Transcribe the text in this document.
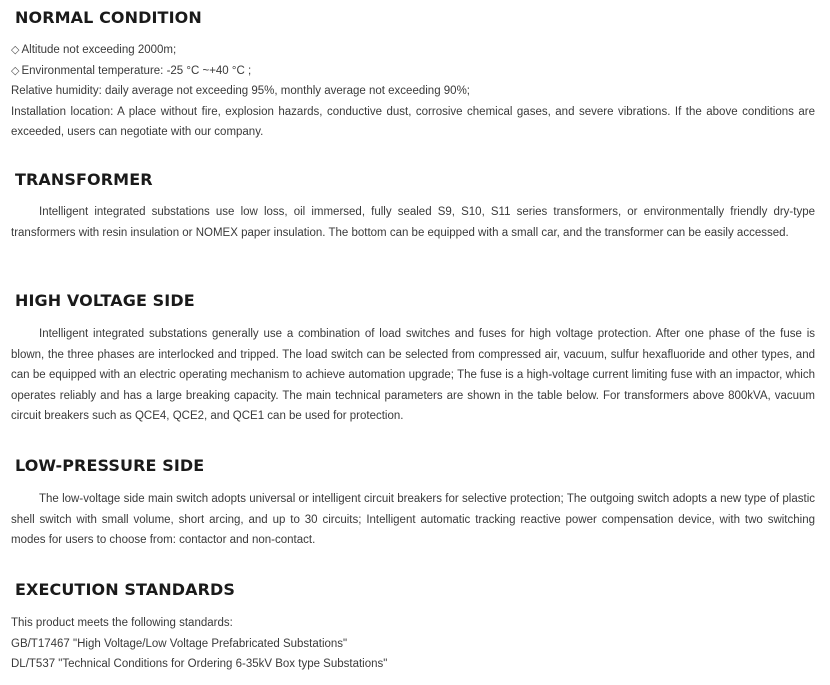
NORMAL CONDITION
◇ Altitude not exceeding 2000m;
◇ Environmental temperature: -25 °C ~+40 °C ;
Relative humidity: daily average not exceeding 95%, monthly average not exceeding 90%;
Installation location: A place without fire, explosion hazards, conductive dust, corrosive chemical gases, and severe vibrations. If the above conditions are exceeded, users can negotiate with our company.
TRANSFORMER
Intelligent integrated substations use low loss, oil immersed, fully sealed S9, S10, S11 series transformers, or environmentally friendly dry-type transformers with resin insulation or NOMEX paper insulation. The bottom can be equipped with a small car, and the transformer can be easily accessed.
HIGH VOLTAGE SIDE
Intelligent integrated substations generally use a combination of load switches and fuses for high voltage protection. After one phase of the fuse is blown, the three phases are interlocked and tripped. The load switch can be selected from compressed air, vacuum, sulfur hexafluoride and other types, and can be equipped with an electric operating mechanism to achieve automation upgrade; The fuse is a high-voltage current limiting fuse with an impactor, which operates reliably and has a large breaking capacity. The main technical parameters are shown in the table below. For transformers above 800kVA, vacuum circuit breakers such as QCE4, QCE2, and QCE1 can be used for protection.
LOW-PRESSURE SIDE
The low-voltage side main switch adopts universal or intelligent circuit breakers for selective protection; The outgoing switch adopts a new type of plastic shell switch with small volume, short arcing, and up to 30 circuits; Intelligent automatic tracking reactive power compensation device, with two switching modes for users to choose from: contactor and non-contact.
EXECUTION STANDARDS
This product meets the following standards:
GB/T17467 "High Voltage/Low Voltage Prefabricated Substations"
DL/T537 "Technical Conditions for Ordering 6-35kV Box type Substations"
